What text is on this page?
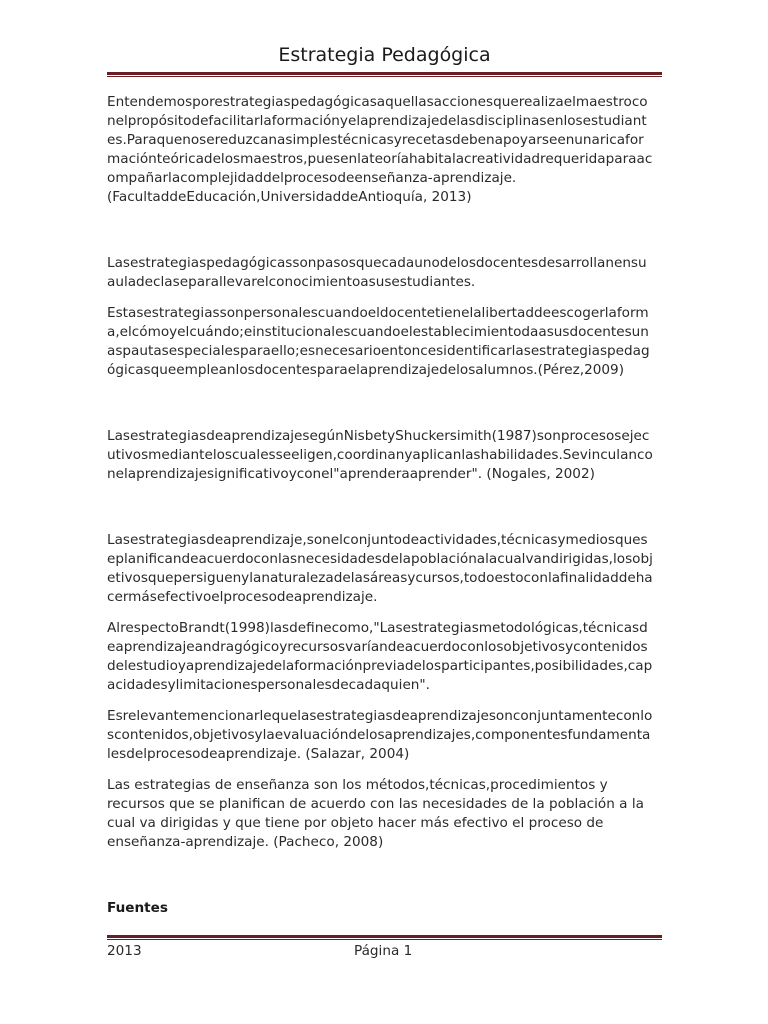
Estrategia Pedagógica

Entendemosporestrategiaspedagógicasaquellasaccionesquerealizaelmaestroco
nelpropósitodefacilitarlaformaciónyelaprendizajedelasdisciplinasenlosestudiant
es.Paraquenosereduzcanasimplestécnicasyrecetasdebenapoyarseenunaricafor
maciónteóricadelosmaestros,puesenlateoríahabitalacreatividadrequeridaparaac
ompañarlacomplejidaddelprocesodeenseñanza-aprendizaje.
(FacultaddeEducación,UniversidaddeAntioquía, 2013)

Lasestrategiaspedagógicassonpasosquecadaunodelosdocentesdesarrollanensu
auladeclaseparallevarelconocimientoasusestudiantes.

Estasestrategiassonpersonalescuandoeldocentetienelalibertaddeescogerlaform
a,elcómoyelcuándo;einstitucionalescuandoelestablecimientodaasusdocentesun
aspautasespecialesparaello;esnecesarioentoncesidentificarlasestrategiaspedag
ógicasqueempleanlosdocentesparaelaprendizajedelosalumnos.(Pérez,2009)

LasestrategiasdeaprendizajesegúnNisbetyShuckersimith(1987)sonprocesosejec
utivosmedianteloscualesseeligen,coordinanyaplicanlashabilidades.Sevinculanco
nelaprendizajesignificativoyconel"aprenderaaprender". (Nogales, 2002)

Lasestrategiasdeaprendizaje,sonelconjuntodeactividades,técnicasymediosques
eplanificandeacuerdoconlasnecesidadesdelapoblaciónalacualvandirigidas,losobj
etivosquepersiguenylanaturalezadelasáreasycursos,todoestoconlafinalidaddeha
cermásefectivoelprocesodeaprendizaje.

AlrespectoBrandt(1998)lasdefinecomo,"Lasestrategiasmetodológicas,técnicasd
eaprendizajeandragógicoyrecursosvaríandeacuerdoconlosobjetivosycontenidos
delestudioyaprendizajedelaformaciónpreviadelosparticipantes,posibilidades,cap
acidadesylimitacionespersonalesdecadaquien".

Esrelevantemencionarlequelasestrategiasdeaprendizajesonconjuntamenteconlo
scontenidos,objetivosylaevaluacióndelosaprendizajes,componentesfundamenta
lesdelprocesodeaprendizaje. (Salazar, 2004)

Las estrategias de enseñanza son los métodos,técnicas,procedimientos y
recursos que se planifican de acuerdo con las necesidades de la población a la
cual va dirigidas y que tiene por objeto hacer más efectivo el proceso de
enseñanza-aprendizaje. (Pacheco, 2008)

Fuentes

2013	Página 1
